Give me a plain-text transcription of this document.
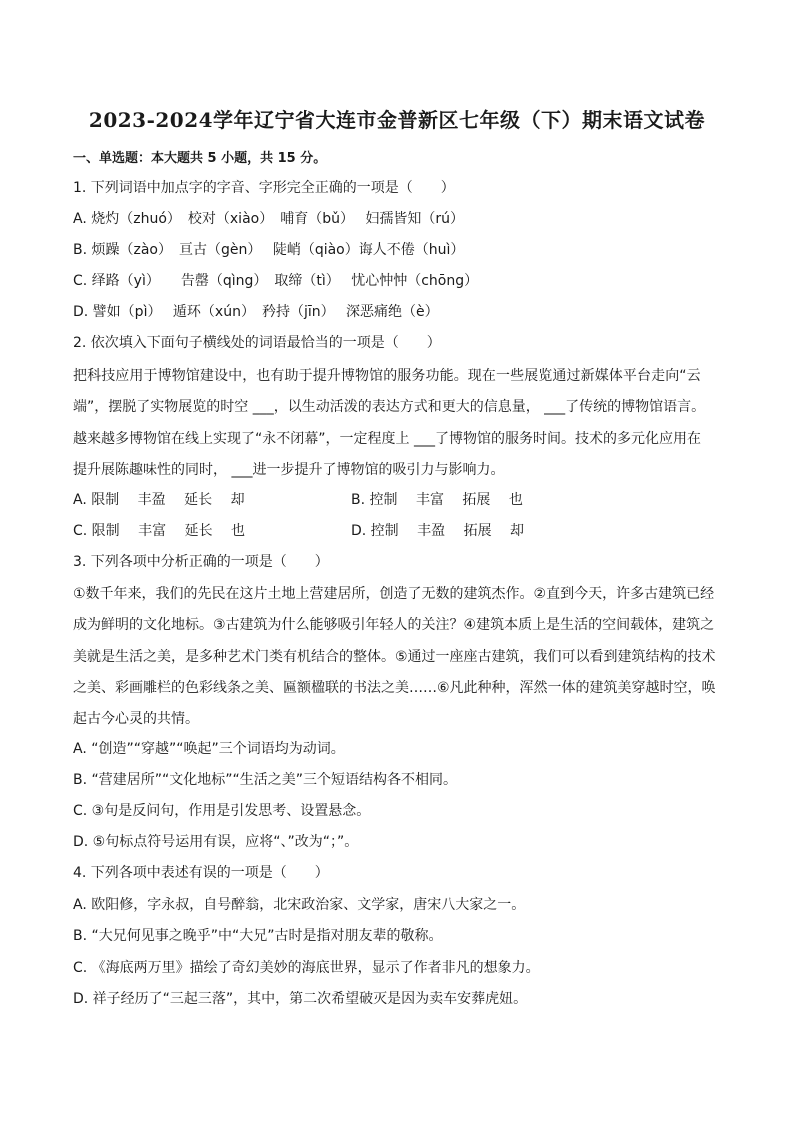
2023-2024学年辽宁省大连市金普新区七年级（下）期末语文试卷
一、单选题：本大题共 5 小题，共 15 分。
1. 下列词语中加点字的字音、字形完全正确的一项是（　　）
A. 烧灼（zhuó）　校对（xiào）　哺育（bǔ）　 妇孺皆知（rú）
B. 烦躁（zào）　亘古（gèn）　 陡峭（qiào）诲人不倦（huì）
C. 绎路（yì）　　告罄（qìng）　取缔（tì）　 忧心忡忡（chōng）
D. 譬如（pì）　 遁环（xún）　矜持（jīn）　 深恶痛绝（è）
2. 依次填入下面句子横线处的词语最恰当的一项是（　　）
把科技应用于博物馆建设中，也有助于提升博物馆的服务功能。现在一些展览通过新媒体平台走向“云
端”，摆脱了实物展览的时空 ___，以生动活泼的表达方式和更大的信息量， ___了传统的博物馆语言。
越来越多博物馆在线上实现了“永不闭幕”，一定程度上 ___了博物馆的服务时间。技术的多元化应用在
提升展陈趣味性的同时， ___进一步提升了博物馆的吸引力与影响力。
A. 限制　 丰盈　 延长　 却	B. 控制　 丰富　 拓展　 也
C. 限制　 丰富　 延长　 也	D. 控制　 丰盈　 拓展　 却
3. 下列各项中分析正确的一项是（　　）
①数千年来，我们的先民在这片土地上营建居所，创造了无数的建筑杰作。②直到今天，许多古建筑已经
成为鲜明的文化地标。③古建筑为什么能够吸引年轻人的关注？④建筑本质上是生活的空间载体，建筑之
美就是生活之美，是多种艺术门类有机结合的整体。⑤通过一座座古建筑，我们可以看到建筑结构的技术
之美、彩画雕栏的色彩线条之美、匾额楹联的书法之美……⑥凡此种种，浑然一体的建筑美穿越时空，唤
起古今心灵的共情。
A. “创造”“穿越”“唤起”三个词语均为动词。
B. “营建居所”“文化地标”“生活之美”三个短语结构各不相同。
C. ③句是反问句，作用是引发思考、设置悬念。
D. ⑤句标点符号运用有误，应将“、”改为“；”。
4. 下列各项中表述有误的一项是（　　）
A. 欧阳修，字永叔，自号醉翁，北宋政治家、文学家，唐宋八大家之一。
B. “大兄何见事之晚乎”中“大兄”古时是指对朋友辈的敬称。
C. 《海底两万里》描绘了奇幻美妙的海底世界，显示了作者非凡的想象力。
D. 祥子经历了“三起三落”，其中，第二次希望破灭是因为卖车安葬虎妞。
